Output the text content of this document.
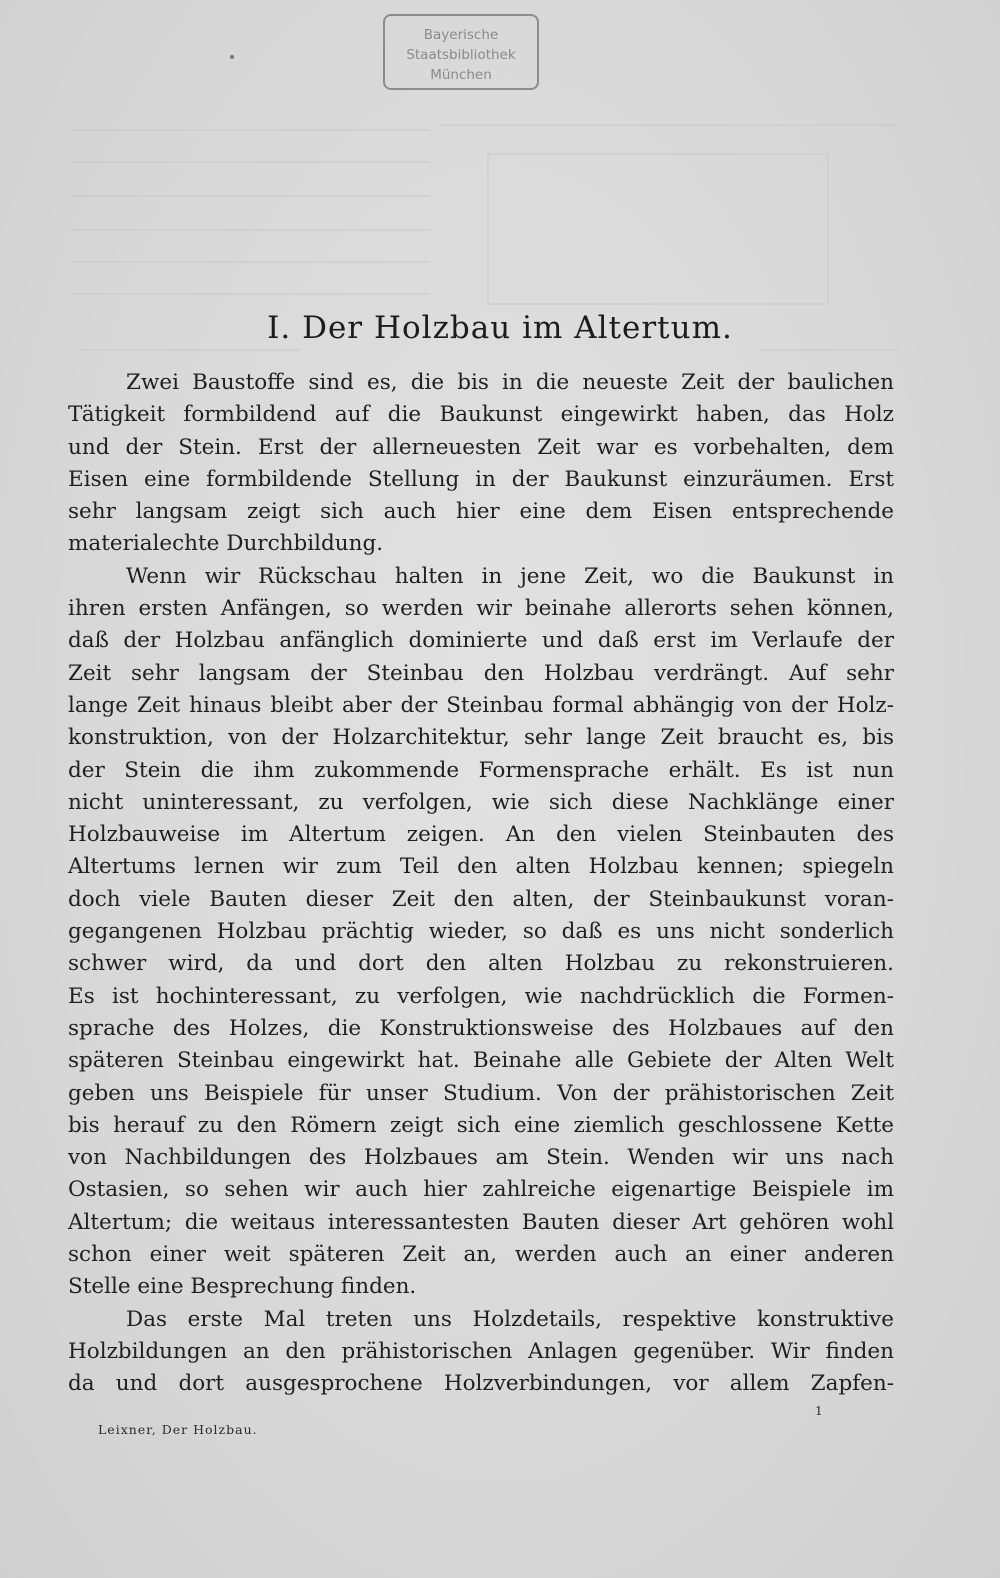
Bayerische
Staatsbibliothek
München
I. Der Holzbau im Altertum.
Zwei Baustoffe sind es, die bis in die neueste Zeit der baulichen
Tätigkeit formbildend auf die Baukunst eingewirkt haben, das Holz
und der Stein. Erst der allerneuesten Zeit war es vorbehalten, dem
Eisen eine formbildende Stellung in der Baukunst einzuräumen. Erst
sehr langsam zeigt sich auch hier eine dem Eisen entsprechende
materialechte Durchbildung.
Wenn wir Rückschau halten in jene Zeit, wo die Baukunst in
ihren ersten Anfängen, so werden wir beinahe allerorts sehen können,
daß der Holzbau anfänglich dominierte und daß erst im Verlaufe der
Zeit sehr langsam der Steinbau den Holzbau verdrängt. Auf sehr
lange Zeit hinaus bleibt aber der Steinbau formal abhängig von der Holz-
konstruktion, von der Holzarchitektur, sehr lange Zeit braucht es, bis
der Stein die ihm zukommende Formensprache erhält. Es ist nun
nicht uninteressant, zu verfolgen, wie sich diese Nachklänge einer
Holzbauweise im Altertum zeigen. An den vielen Steinbauten des
Altertums lernen wir zum Teil den alten Holzbau kennen; spiegeln
doch viele Bauten dieser Zeit den alten, der Steinbaukunst voran-
gegangenen Holzbau prächtig wieder, so daß es uns nicht sonderlich
schwer wird, da und dort den alten Holzbau zu rekonstruieren.
Es ist hochinteressant, zu verfolgen, wie nachdrücklich die Formen-
sprache des Holzes, die Konstruktionsweise des Holzbaues auf den
späteren Steinbau eingewirkt hat. Beinahe alle Gebiete der Alten Welt
geben uns Beispiele für unser Studium. Von der prähistorischen Zeit
bis herauf zu den Römern zeigt sich eine ziemlich geschlossene Kette
von Nachbildungen des Holzbaues am Stein. Wenden wir uns nach
Ostasien, so sehen wir auch hier zahlreiche eigenartige Beispiele im
Altertum; die weitaus interessantesten Bauten dieser Art gehören wohl
schon einer weit späteren Zeit an, werden auch an einer anderen
Stelle eine Besprechung finden.
Das erste Mal treten uns Holzdetails, respektive konstruktive
Holzbildungen an den prähistorischen Anlagen gegenüber. Wir finden
da und dort ausgesprochene Holzverbindungen, vor allem Zapfen-
Leixner, Der Holzbau.
1
